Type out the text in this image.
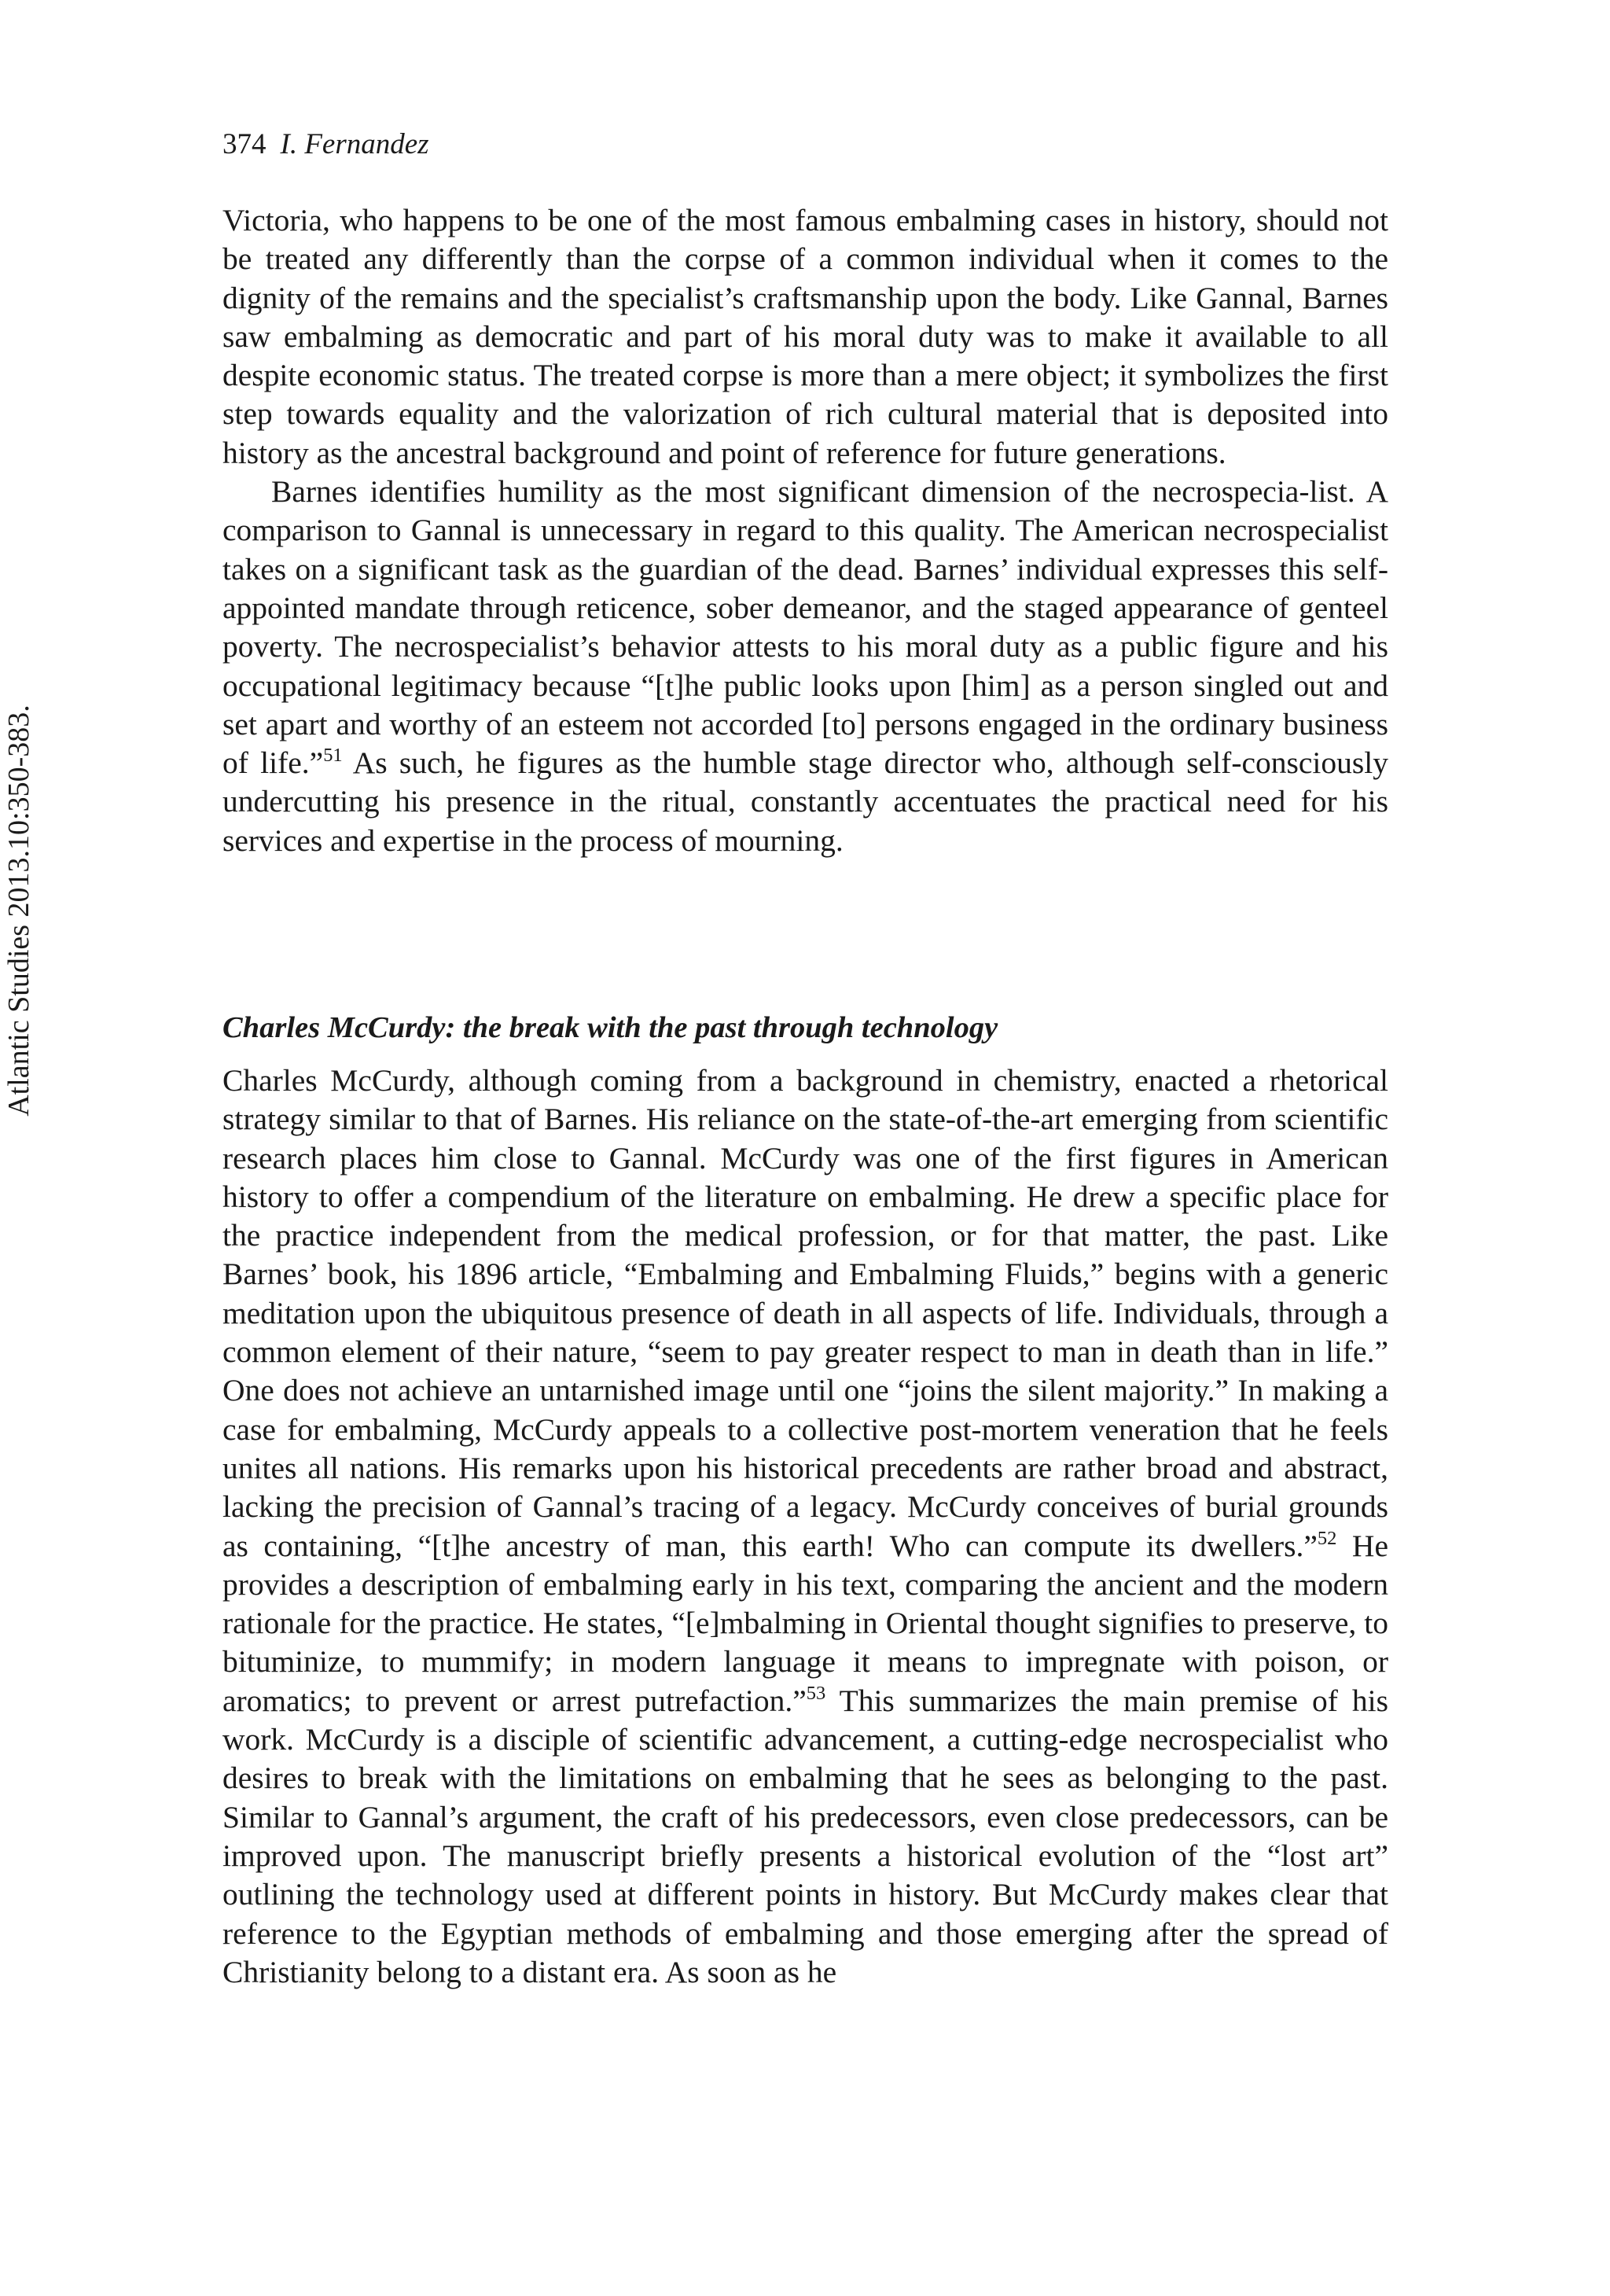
374 I. Fernandez
Atlantic Studies 2013.10:350-383.

Victoria, who happens to be one of the most famous embalming cases in history, should not be treated any differently than the corpse of a common individual when it comes to the dignity of the remains and the specialist’s craftsmanship upon the body. Like Gannal, Barnes saw embalming as democratic and part of his moral duty was to make it available to all despite economic status. The treated corpse is more than a mere object; it symbolizes the first step towards equality and the valorization of rich cultural material that is deposited into history as the ancestral background and point of reference for future generations.

Barnes identifies humility as the most significant dimension of the necrospecia-list. A comparison to Gannal is unnecessary in regard to this quality. The American necrospecialist takes on a significant task as the guardian of the dead. Barnes’ individual expresses this self-appointed mandate through reticence, sober demeanor, and the staged appearance of genteel poverty. The necrospecialist’s behavior attests to his moral duty as a public figure and his occupational legitimacy because “[t]he public looks upon [him] as a person singled out and set apart and worthy of an esteem not accorded [to] persons engaged in the ordinary business of life.”$^{51}$ As such, he figures as the humble stage director who, although self-consciously undercutting his presence in the ritual, constantly accentuates the practical need for his services and expertise in the process of mourning.

Charles McCurdy: the break with the past through technology

Charles McCurdy, although coming from a background in chemistry, enacted a rhetorical strategy similar to that of Barnes. His reliance on the state-of-the-art emerging from scientific research places him close to Gannal. McCurdy was one of the first figures in American history to offer a compendium of the literature on embalming. He drew a specific place for the practice independent from the medical profession, or for that matter, the past. Like Barnes’ book, his 1896 article, “Embalming and Embalming Fluids,” begins with a generic meditation upon the ubiquitous presence of death in all aspects of life. Individuals, through a common element of their nature, “seem to pay greater respect to man in death than in life.” One does not achieve an untarnished image until one “joins the silent majority.” In making a case for embalming, McCurdy appeals to a collective post-mortem veneration that he feels unites all nations. His remarks upon his historical precedents are rather broad and abstract, lacking the precision of Gannal’s tracing of a legacy. McCurdy conceives of burial grounds as containing, “[t]he ancestry of man, this earth! Who can compute its dwellers.”$^{52}$ He provides a description of embalming early in his text, comparing the ancient and the modern rationale for the practice. He states, “[e]mbalming in Oriental thought signifies to preserve, to bituminize, to mummify; in modern language it means to impregnate with poison, or aromatics; to prevent or arrest putrefaction.”$^{53}$ This summarizes the main premise of his work. McCurdy is a disciple of scientific advancement, a cutting-edge necrospecialist who desires to break with the limitations on embalming that he sees as belonging to the past. Similar to Gannal’s argument, the craft of his predecessors, even close predecessors, can be improved upon. The manuscript briefly presents a historical evolution of the “lost art” outlining the technology used at different points in history. But McCurdy makes clear that reference to the Egyptian methods of embalming and those emerging after the spread of Christianity belong to a distant era. As soon as he
